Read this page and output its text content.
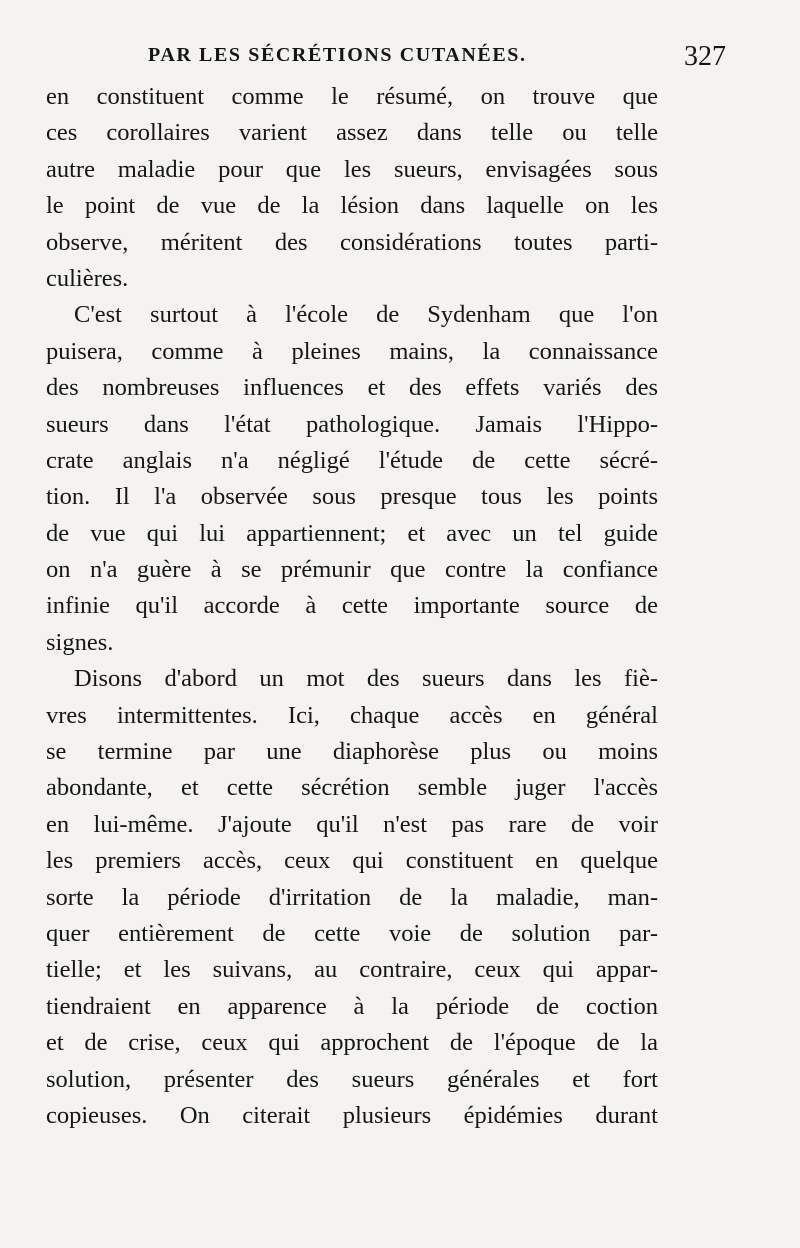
PAR LES SÉCRÉTIONS CUTANÉES.	327
en constituent comme le résumé, on trouve que
ces corollaires varient assez dans telle ou telle
autre maladie pour que les sueurs, envisagées sous
le point de vue de la lésion dans laquelle on les
observe, méritent des considérations toutes parti-
culières.
C'est surtout à l'école de Sydenham que l'on
puisera, comme à pleines mains, la connaissance
des nombreuses influences et des effets variés des
sueurs dans l'état pathologique. Jamais l'Hippo-
crate anglais n'a négligé l'étude de cette sécré-
tion. Il l'a observée sous presque tous les points
de vue qui lui appartiennent; et avec un tel guide
on n'a guère à se prémunir que contre la confiance
infinie qu'il accorde à cette importante source de
signes.
Disons d'abord un mot des sueurs dans les fiè-
vres intermittentes. Ici, chaque accès en général
se termine par une diaphorèse plus ou moins
abondante, et cette sécrétion semble juger l'accès
en lui-même. J'ajoute qu'il n'est pas rare de voir
les premiers accès, ceux qui constituent en quelque
sorte la période d'irritation de la maladie, man-
quer entièrement de cette voie de solution par-
tielle; et les suivans, au contraire, ceux qui appar-
tiendraient en apparence à la période de coction
et de crise, ceux qui approchent de l'époque de la
solution, présenter des sueurs générales et fort
copieuses. On citerait plusieurs épidémies durant
